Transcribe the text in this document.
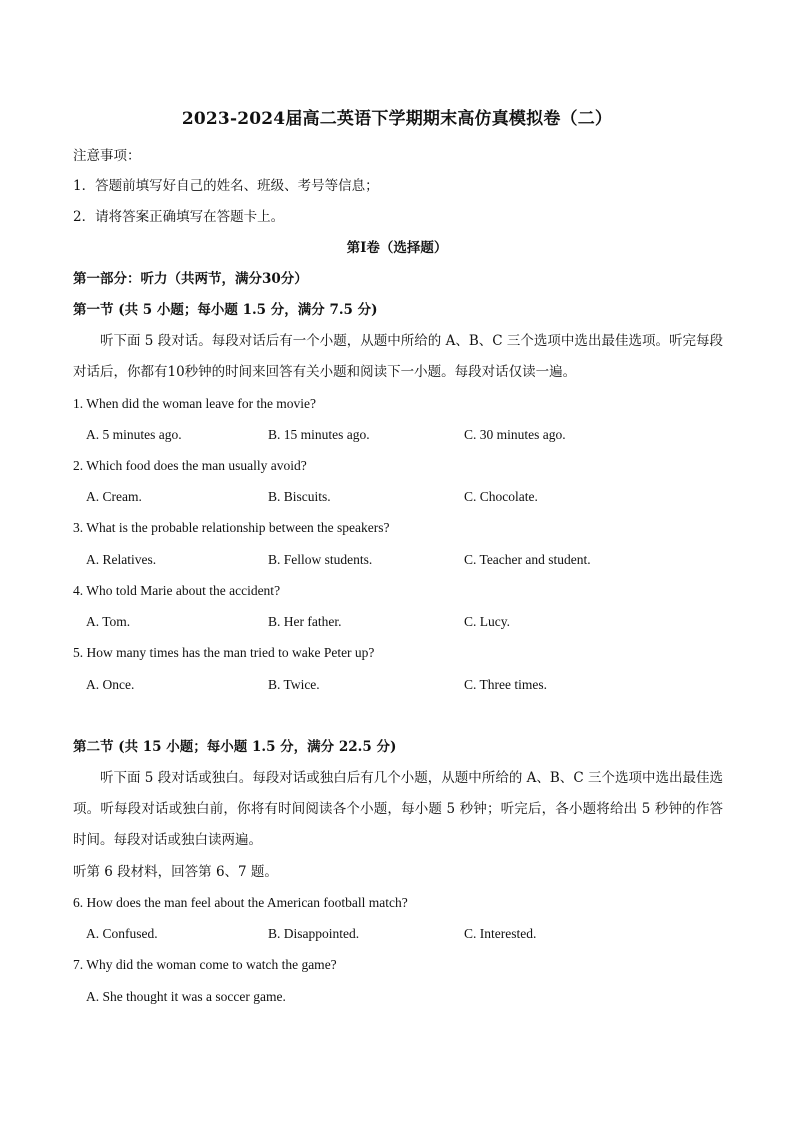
2023-2024届高二英语下学期期末高仿真模拟卷（二）
注意事项：
1．答题前填写好自己的姓名、班级、考号等信息；
2．请将答案正确填写在答题卡上。
第I卷（选择题）
第一部分：听力（共两节，满分30分）
第一节 (共 5 小题；每小题 1.5 分，满分 7.5 分)
听下面 5 段对话。每段对话后有一个小题，从题中所给的 A、B、C 三个选项中选出最佳选项。听完每段对话后，你都有10秒钟的时间来回答有关小题和阅读下一小题。每段对话仅读一遍。
1. When did the woman leave for the movie?
A. 5 minutes ago.	B. 15 minutes ago.	C. 30 minutes ago.
2. Which food does the man usually avoid?
A. Cream.	B. Biscuits.	C. Chocolate.
3. What is the probable relationship between the speakers?
A. Relatives.	B. Fellow students.	C. Teacher and student.
4. Who told Marie about the accident?
A. Tom.	B. Her father.	C. Lucy.
5. How many times has the man tried to wake Peter up?
A. Once.	B. Twice.	C. Three times.
第二节 (共 15 小题；每小题 1.5 分，满分 22.5 分)
听下面 5 段对话或独白。每段对话或独白后有几个小题，从题中所给的 A、B、C 三个选项中选出最佳选项。听每段对话或独白前，你将有时间阅读各个小题，每小题 5 秒钟；听完后，各小题将给出 5 秒钟的作答时间。每段对话或独白读两遍。
听第 6 段材料，回答第 6、7 题。
6. How does the man feel about the American football match?
A. Confused.	B. Disappointed.	C. Interested.
7. Why did the woman come to watch the game?
A. She thought it was a soccer game.
